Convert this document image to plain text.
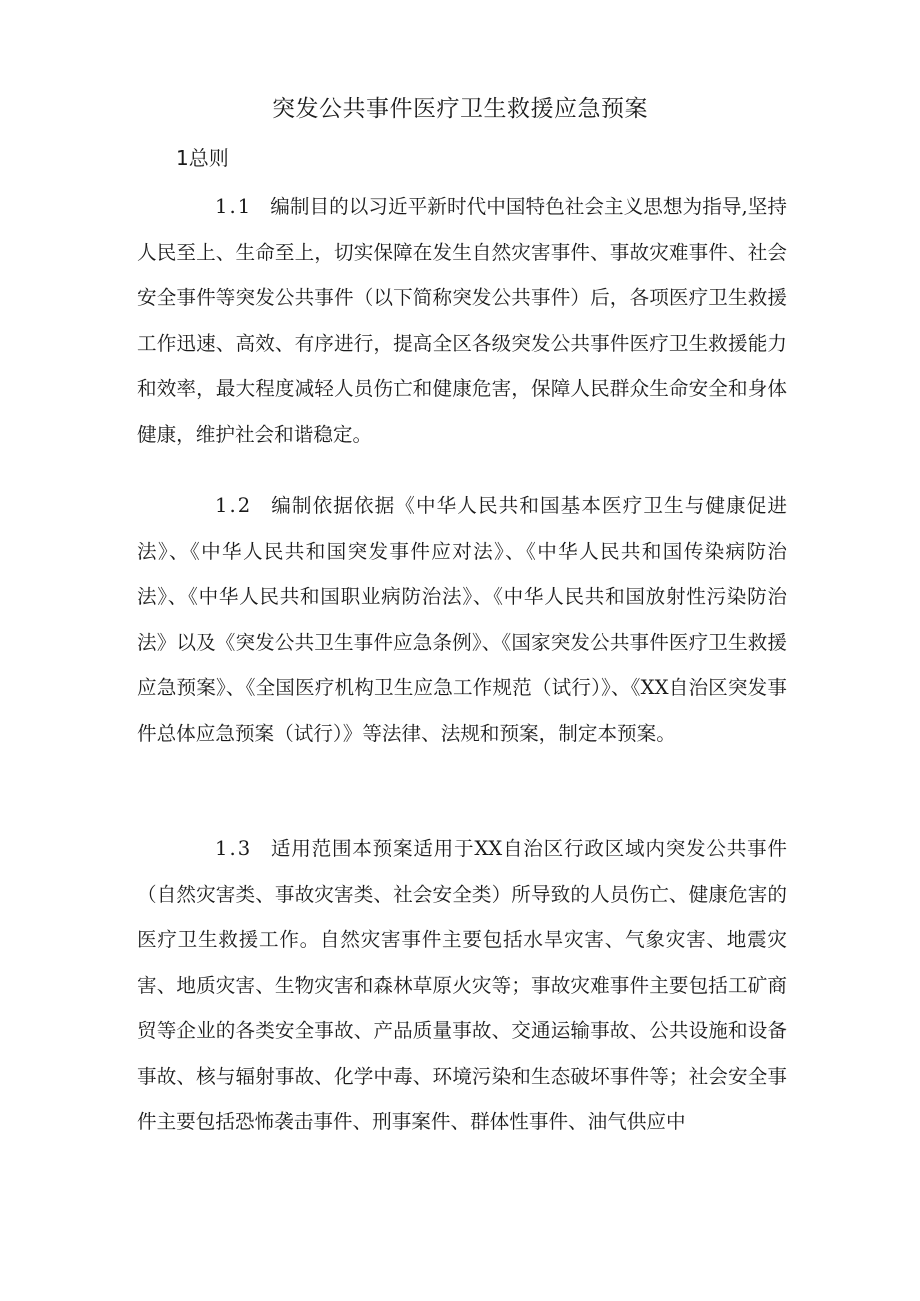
突发公共事件医疗卫生救援应急预案
1总则

1.1 编制目的以习近平新时代中国特色社会主义思想为指导,坚持人民至上、生命至上，切实保障在发生自然灾害事件、事故灾难事件、社会安全事件等突发公共事件（以下简称突发公共事件）后，各项医疗卫生救援工作迅速、高效、有序进行，提高全区各级突发公共事件医疗卫生救援能力和效率，最大程度减轻人员伤亡和健康危害，保障人民群众生命安全和身体健康，维护社会和谐稳定。

1.2 编制依据依据《中华人民共和国基本医疗卫生与健康促进法》、《中华人民共和国突发事件应对法》、《中华人民共和国传染病防治法》、《中华人民共和国职业病防治法》、《中华人民共和国放射性污染防治法》以及《突发公共卫生事件应急条例》、《国家突发公共事件医疗卫生救援应急预案》、《全国医疗机构卫生应急工作规范（试行）》、《XX自治区突发事件总体应急预案（试行）》等法律、法规和预案，制定本预案。

1.3 适用范围本预案适用于XX自治区行政区域内突发公共事件（自然灾害类、事故灾害类、社会安全类）所导致的人员伤亡、健康危害的医疗卫生救援工作。自然灾害事件主要包括水旱灾害、气象灾害、地震灾害、地质灾害、生物灾害和森林草原火灾等；事故灾难事件主要包括工矿商贸等企业的各类安全事故、产品质量事故、交通运输事故、公共设施和设备事故、核与辐射事故、化学中毒、环境污染和生态破坏事件等；社会安全事件主要包括恐怖袭击事件、刑事案件、群体性事件、油气供应中
